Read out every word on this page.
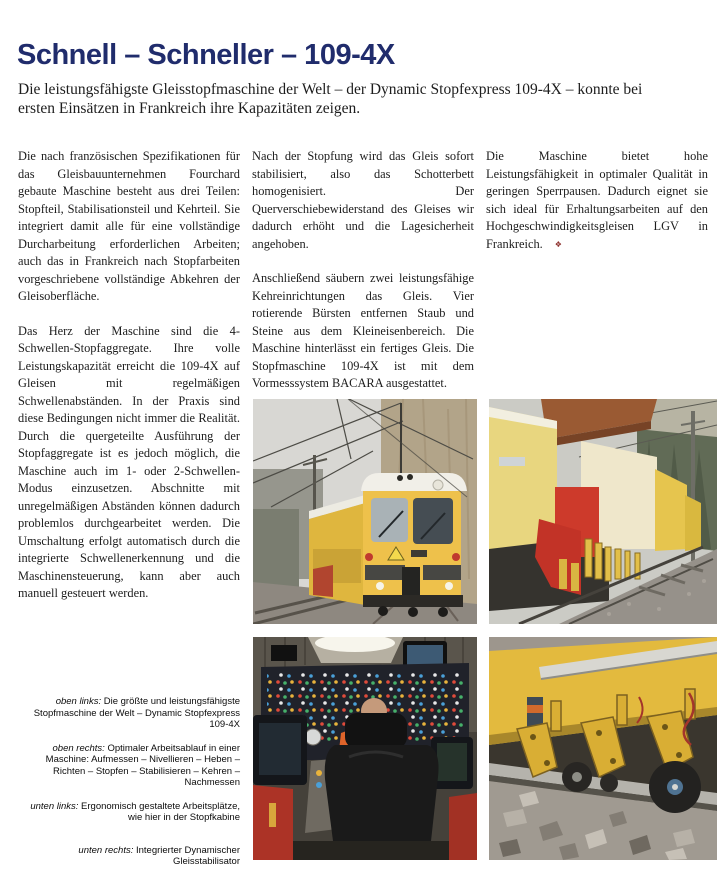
Schnell – Schneller – 109-4X

Die leistungsfähigste Gleisstopfmaschine der Welt – der Dynamic Stopfexpress 109-4X – konnte bei ersten Einsätzen in Frankreich ihre Kapazitäten zeigen.

Die nach französischen Spezifikationen für das Gleisbauunternehmen Fourchard gebaute Maschine besteht aus drei Teilen: Stopfteil, Stabilisationsteil und Kehrteil. Sie integriert damit alle für eine vollständige Durcharbeitung erforderlichen Arbeiten; auch das in Frankreich nach Stopfarbeiten vorgeschriebene vollständige Abkehren der Gleisoberfläche.

Das Herz der Maschine sind die 4-Schwellen-Stopfaggregate. Ihre volle Leistungskapazität erreicht die 109-4X auf Gleisen mit regelmäßigen Schwellenabständen. In der Praxis sind diese Bedingungen nicht immer die Realität. Durch die quergeteilte Ausführung der Stopfaggregate ist es jedoch möglich, die Maschine auch im 1- oder 2-Schwellen-Modus einzusetzen. Abschnitte mit unregelmäßigen Abständen können dadurch problemlos durchgearbeitet werden. Die Umschaltung erfolgt automatisch durch die integrierte Schwellenerkennung und die Maschinensteuerung, kann aber auch manuell gesteuert werden.

Nach der Stopfung wird das Gleis sofort stabilisiert, also das Schotterbett homogenisiert. Der Querverschiebewiderstand des Gleises wir dadurch erhöht und die Lagesicherheit angehoben.

Anschließend säubern zwei leistungsfähige Kehreinrichtungen das Gleis. Vier rotierende Bürsten entfernen Staub und Steine aus dem Kleineisenbereich. Die Maschine hinterlässt ein fertiges Gleis. Die Stopfmaschine 109-4X ist mit dem Vormesssystem BACARA ausgestattet.

Die Maschine bietet hohe Leistungsfähigkeit in optimaler Qualität in geringen Sperrpausen. Dadurch eignet sie sich ideal für Erhaltungsarbeiten auf den Hochgeschwindigkeitsgleisen LGV in Frankreich. ❖

oben links: Die größte und leistungsfähigste Stopfmaschine der Welt – Dynamic Stopfexpress 109-4X

oben rechts: Optimaler Arbeitsablauf in einer Maschine: Aufmessen – Nivellieren – Heben – Richten – Stopfen – Stabilisieren – Kehren – Nachmessen

unten links: Ergonomisch gestaltete Arbeitsplätze, wie hier in der Stopfkabine

unten rechts: Integrierter Dynamischer Gleisstabilisator
